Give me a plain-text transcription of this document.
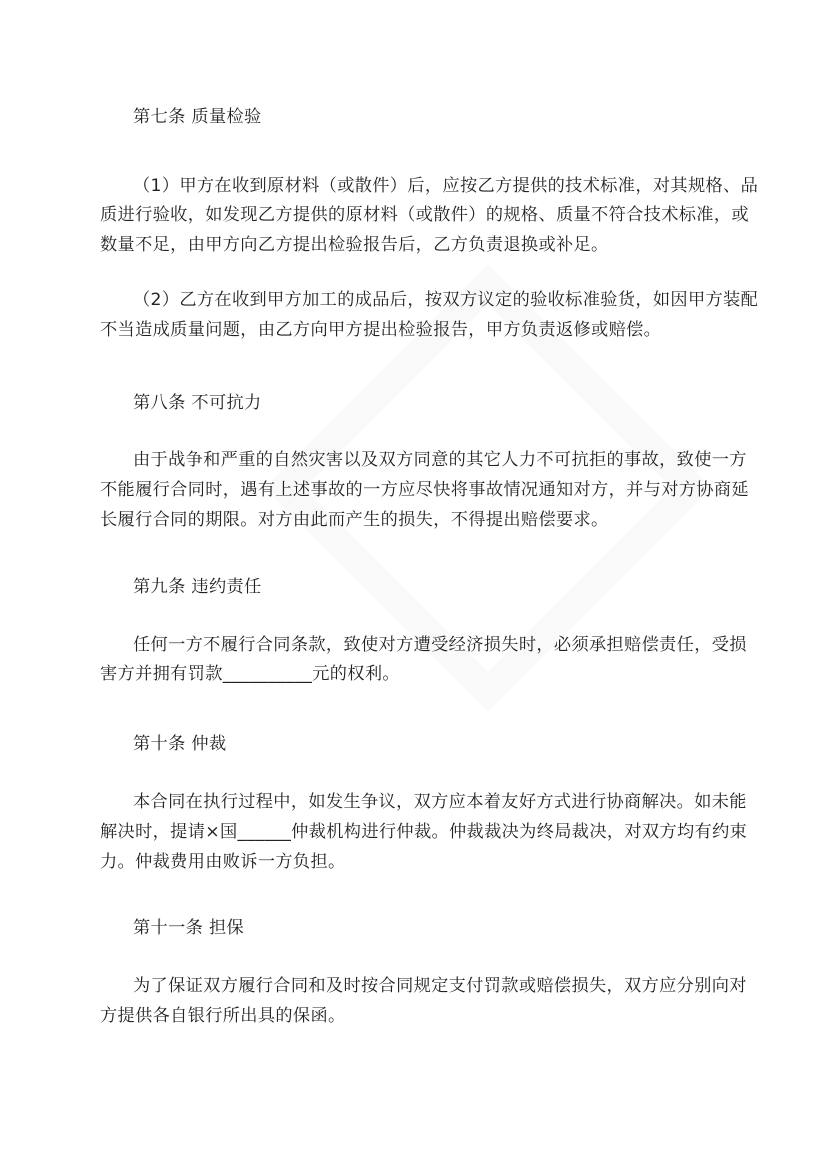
第七条 质量检验
（1）甲方在收到原材料（或散件）后，应按乙方提供的技术标准，对其规格、品
质进行验收，如发现乙方提供的原材料（或散件）的规格、质量不符合技术标准，或
数量不足，由甲方向乙方提出检验报告后，乙方负责退换或补足。
（2）乙方在收到甲方加工的成品后，按双方议定的验收标准验货，如因甲方装配
不当造成质量问题，由乙方向甲方提出检验报告，甲方负责返修或赔偿。
第八条 不可抗力
由于战争和严重的自然灾害以及双方同意的其它人力不可抗拒的事故，致使一方
不能履行合同时，遇有上述事故的一方应尽快将事故情况通知对方，并与对方协商延
长履行合同的期限。对方由此而产生的损失，不得提出赔偿要求。
第九条 违约责任
任何一方不履行合同条款，致使对方遭受经济损失时，必须承担赔偿责任，受损
害方并拥有罚款__________元的权利。
第十条 仲裁
本合同在执行过程中，如发生争议，双方应本着友好方式进行协商解决。如未能
解决时，提请×国______仲裁机构进行仲裁。仲裁裁决为终局裁决，对双方均有约束
力。仲裁费用由败诉一方负担。
第十一条 担保
为了保证双方履行合同和及时按合同规定支付罚款或赔偿损失，双方应分别向对
方提供各自银行所出具的保函。
